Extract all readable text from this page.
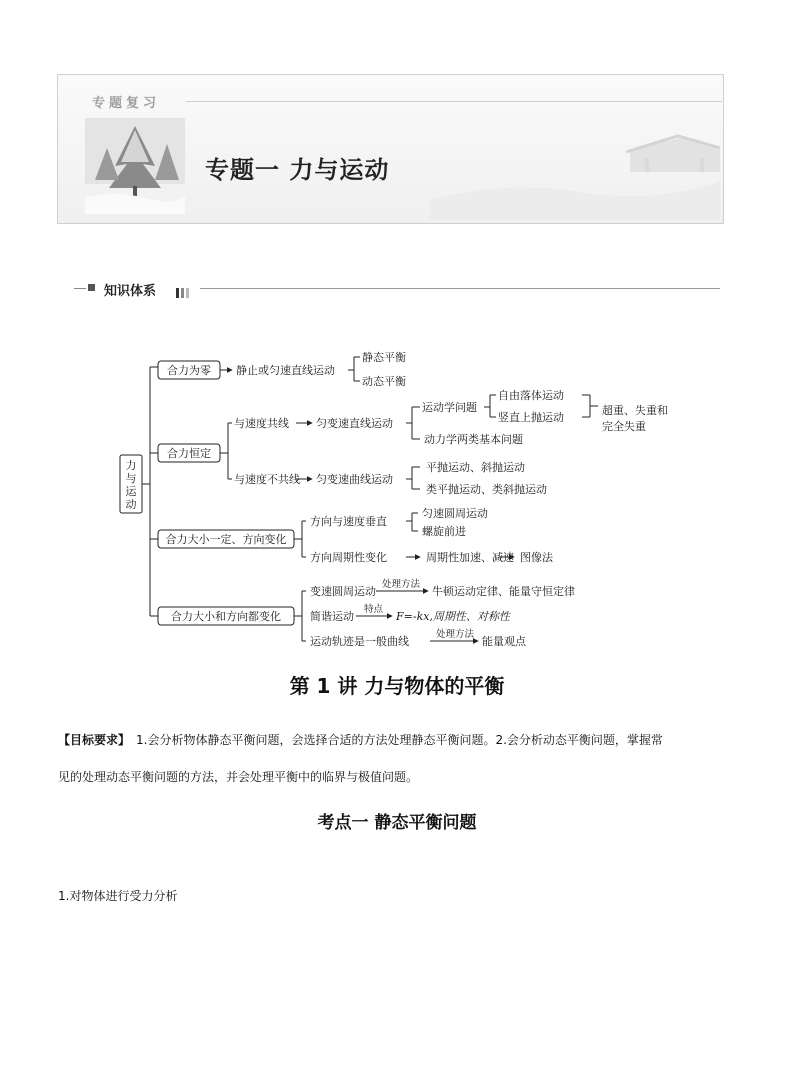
专题复习
专题一 力与运动
知识体系
力
与
运
动
合力为零 静止或匀速直线运动
静态平衡
动态平衡
合力恒定
与速度共线 匀变速直线运动
运动学问题
自由落体运动
竖直上抛运动
超重、失重和
完全失重
动力学两类基本问题
与速度不共线 匀变速曲线运动
平抛运动、斜抛运动
类平抛运动、类斜抛运动
合力大小一定、方向变化
方向与速度垂直
匀速圆周运动
螺旋前进
方向周期性变化	周期性加速、减速 图像法
合力大小和方向都变化
变速圆周运动
处理方法
牛顿运动定律、能量守恒定律
简谐运动
特点
F=-kx,周期性、对称性
运动轨迹是一般曲线
处理方法
能量观点
第 1 讲 力与物体的平衡
【目标要求】 1.会分析物体静态平衡问题，会选择合适的方法处理静态平衡问题。2.会分析动态平衡问题，掌握常
见的处理动态平衡问题的方法，并会处理平衡中的临界与极值问题。
考点一 静态平衡问题
1.对物体进行受力分析
